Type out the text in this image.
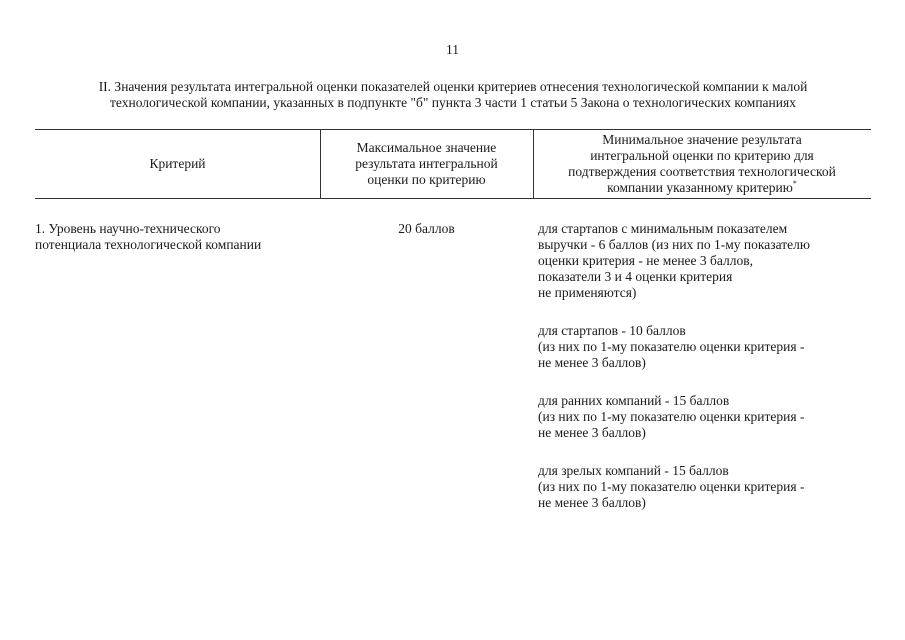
11
II. Значения результата интегральной оценки показателей оценки критериев отнесения технологической компании к малой
технологической компании, указанных в подпункте "б" пункта 3 части 1 статьи 5 Закона о технологических компаниях
Критерий
Максимальное значение
результата интегральной
оценки по критерию
Минимальное значение результата
интегральной оценки по критерию для
подтверждения соответствия технологической
компании указанному критерию*
1. Уровень научно-технического
потенциала технологической компании
20 баллов	для стартапов с минимальным показателем
выручки - 6 баллов (из них по 1-му показателю
оценки критерия - не менее 3 баллов,
показатели 3 и 4 оценки критерия
не применяются)
для стартапов - 10 баллов
(из них по 1-му показателю оценки критерия -
не менее 3 баллов)
для ранних компаний - 15 баллов
(из них по 1-му показателю оценки критерия -
не менее 3 баллов)
для зрелых компаний - 15 баллов
(из них по 1-му показателю оценки критерия -
не менее 3 баллов)
